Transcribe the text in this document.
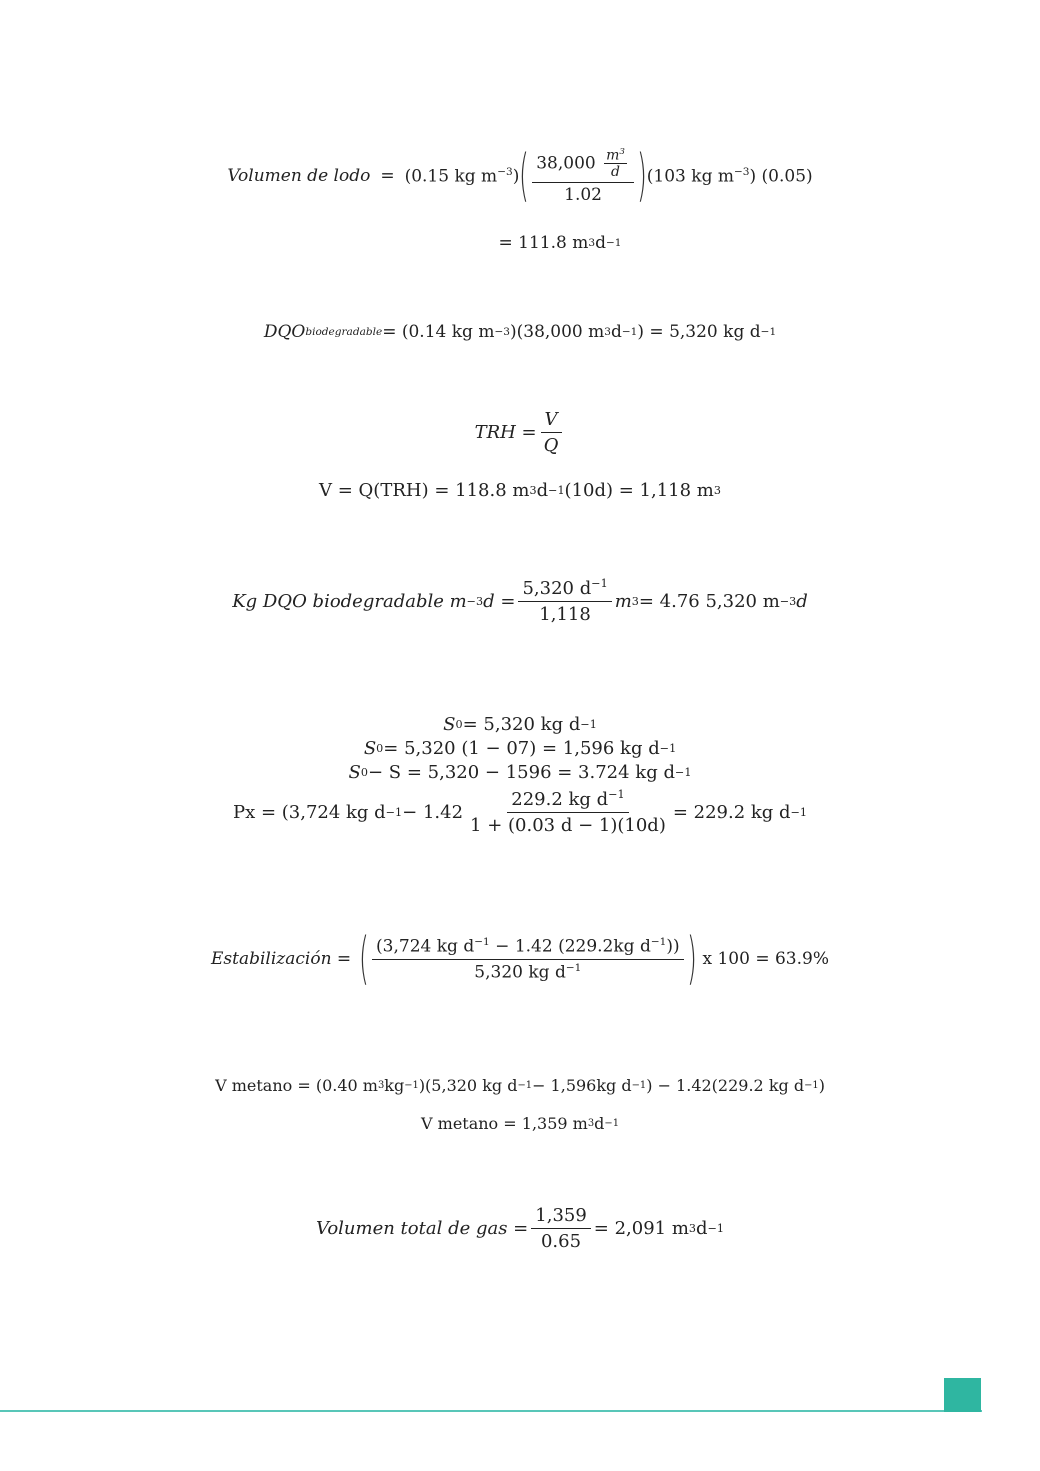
Volumen de lodo = (0.15 kg $m^{-3}$) ( $\frac{38,000 \frac{m^3}{d}}{1.02}$ ) (103 kg $m^{-3}$) (0.05)
= 111.8 m 3 d −1
DQO biodegradable = (0.14 kg m −3 )(38,000 m 3 d −1 ) = 5,320 kg d −1
TRH = $\frac{V}{Q}$
V = Q(TRH) = 118.8 m 3 d −1 (10d) = 1,118 m 3
Kg DQO biodegradable m −3 $d = \frac{5,320 d^{-1}}{1,118}$ m 3 = 4.76 5,320 m −3 d
S 0 = 5,320 kg d −1
S 0 = 5,320 (1 − 07) = 1,596 kg d −1
S 0 − S = 5,320 − 1596 = 3.724 kg d −1
Px = (3,724 kg $d -1 - 1.42 \frac{229.2 kg d^{-1}}{1 + (0.03 d - 1)(10d)} = 229.2$ kg d −1
Estabilización = ( $\frac{(3,724 kg d^{-1} - 1.42 (229.2kg d^{-1}))}{5,320 kg d^{-1}}$ ) x 100 = 63.9%
V metano = (0.40 m 3 kg −1 )(5,320 kg d −1 − 1,596kg d −1 ) − 1.42(229.2 kg d −1 )
V metano = 1,359 m 3 d −1
Volumen total de gas = $\frac{1,359}{0.65} = 2,091$ m 3 d −1
